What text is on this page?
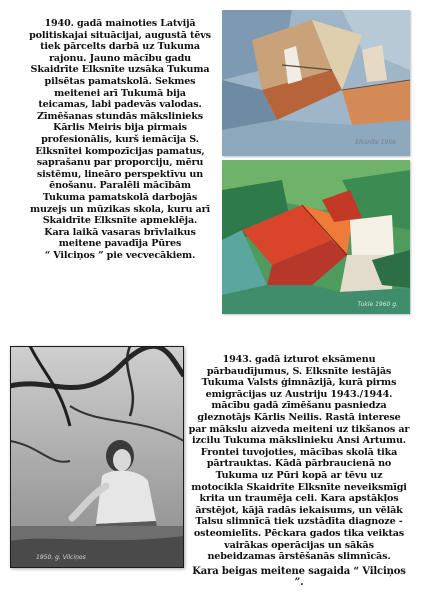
1940. gadā mainoties Latvijā

politiskajai situācijai, augustā tēvs

tiek pārcelts darbā uz Tukuma

rajonu. Jauno mācību gadu

Skaidrīte Elksnīte uzsāka Tukuma

pilsētas pamatskolā. Sekmes

meitenei arī Tukumā bija

teicamas, labi padevās valodas.

Zīmēšanas stundās mākslinieks

Kārlis Meiris bija pirmais

profesionālis, kurš iemācīja S.

Elksnītei kompozīcijas pamatus,

saprašanu par proporciju, mēru

sistēmu, lineāro perspektīvu un

ēnošanu. Paralēli mācībām

Tukuma pamatskolā darbojās

muzejs un mūzikas skola, kuru arī

Skaidrīte Elksnīte apmeklēja.

Kara laikā vasaras brīvlaikus

meitene pavadīja Pūres

“ Vilciņos ” pie vecvecākiem.

Elksnīte 1956
Tukle 1960 g.

1943. gadā izturot eksāmenu

pārbaudījumus, S. Elksnīte iestājās

Tukuma Valsts ģimnāzijā, kurā pirms

emigrācijas uz Austriju 1943./1944.

mācību gadā zīmēšanu pasniedza

gleznotājs Kārlis Neilis. Rastā interese

par mākslu aizveda meiteni uz tikšanos ar

izcilu Tukuma mākslinieku Ansi Artumu.

Frontei tuvojoties, mācības skolā tika

pārtrauktas. Kādā pārbraucienā no

Tukuma uz Pūri kopā ar tēvu uz

motocikla Skaidrīte Elksnīte neveiksmīgi

krita un traumēja celi. Kara apstākļos

ārstējot, kājā radās iekaisums, un vēlāk

Talsu slimnīcā tiek uzstādīta diagnoze -

osteomielīts. Pēckara gados tika veiktas

vairākas operācijas un sākās

nebeidzamas ārstēšanās slimnīcās.

Kara beigas meitene sagaida “ Vilciņos ”.

1950. g. Vilciņos
